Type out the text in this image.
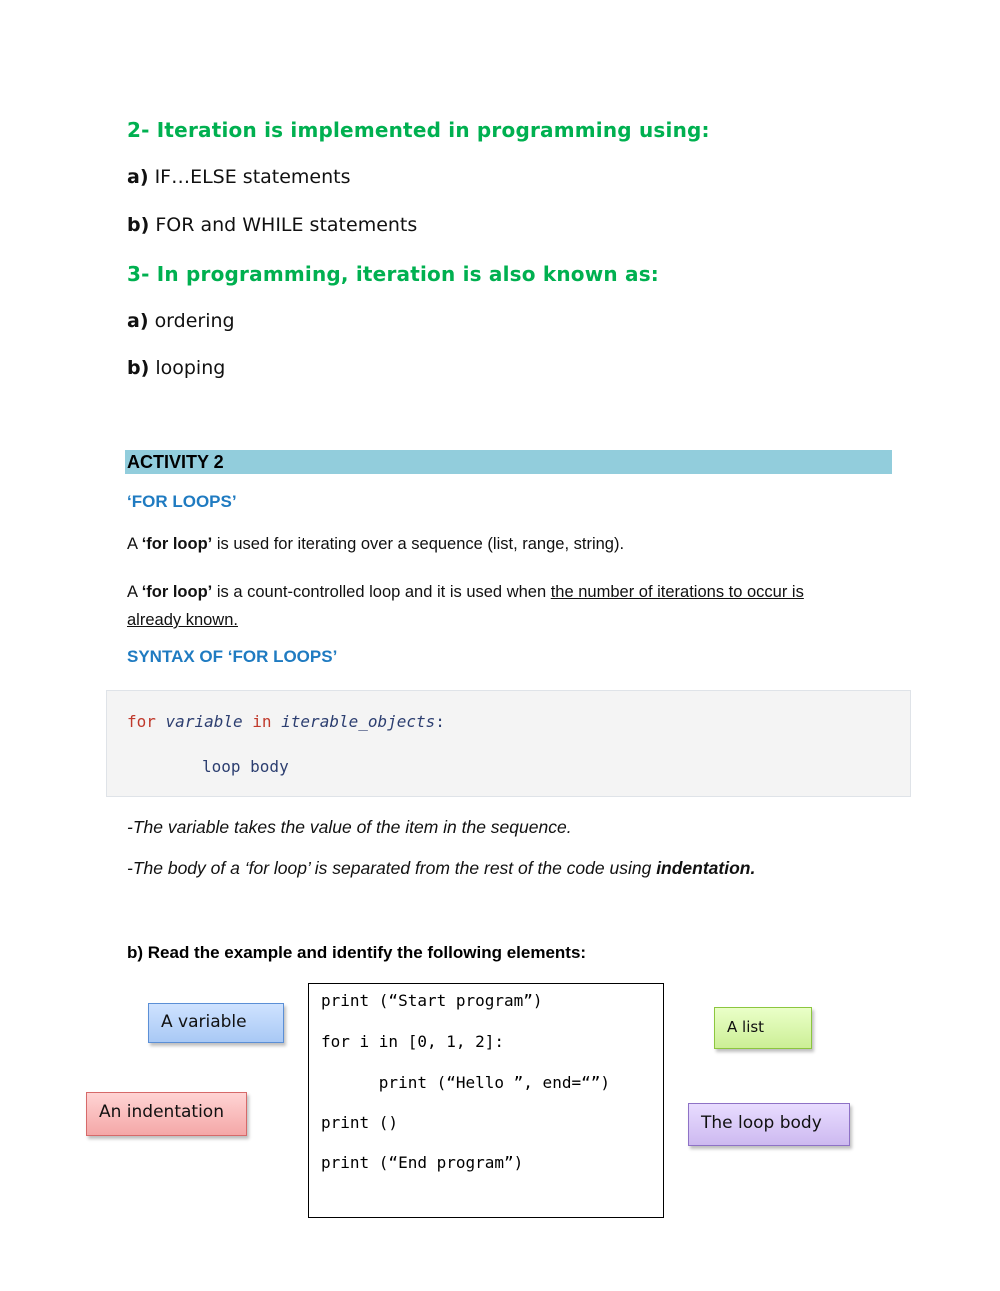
2- Iteration is implemented in programming using:
a) IF…ELSE statements
b) FOR and WHILE statements
3- In programming, iteration is also known as:
a) ordering
b) looping
ACTIVITY 2
‘FOR LOOPS’
A ‘for loop’ is used for iterating over a sequence (list, range, string).
A ‘for loop’ is a count-controlled loop and it is used when the number of iterations to occur is
already known.
SYNTAX OF ‘FOR LOOPS’
for variable in iterable_objects:
loop body
-The variable takes the value of the item in the sequence.
-The body of a ‘for loop’ is separated from the rest of the code using indentation.
b) Read the example and identify the following elements:
print (“Start program”)
for i in [0, 1, 2]:
print (“Hello ”, end=“”)
print ()
print (“End program”)
A variable	A list
An indentation
The loop body
